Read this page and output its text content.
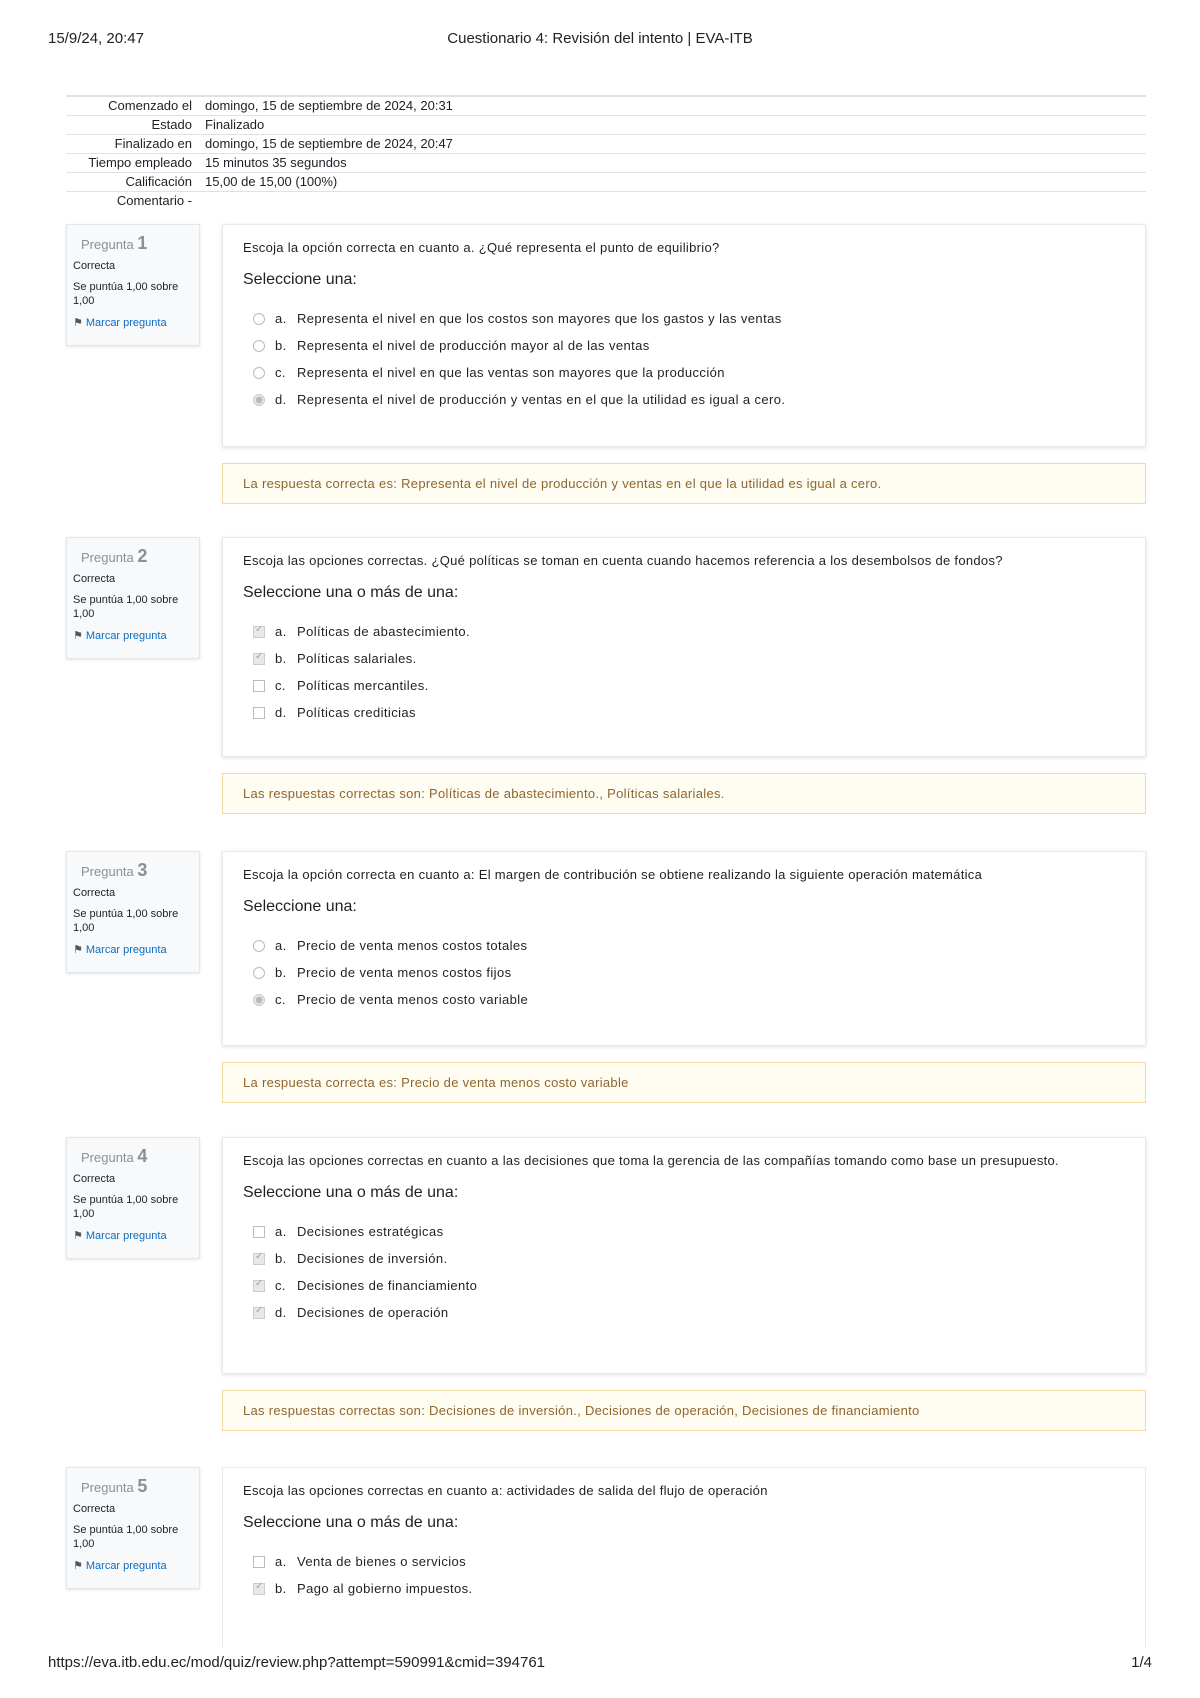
15/9/24, 20:47	Cuestionario 4: Revisión del intento | EVA-ITB
Comenzado el	domingo, 15 de septiembre de 2024, 20:31
Estado	Finalizado
Finalizado en	domingo, 15 de septiembre de 2024, 20:47
Tiempo empleado	15 minutos 35 segundos
Calificación	15,00 de 15,00 (100%)
Comentario -	
Pregunta 1
Correcta
Se puntúa 1,00 sobre 1,00
⚑ Marcar pregunta
Escoja la opción correcta en cuanto a. ¿Qué representa el punto de equilibrio?
Seleccione una:
a. Representa el nivel en que los costos son mayores que los gastos y las ventas
b. Representa el nivel de producción mayor al de las ventas
c. Representa el nivel en que las ventas son mayores que la producción
d. Representa el nivel de producción y ventas en el que la utilidad es igual a cero.
La respuesta correcta es: Representa el nivel de producción y ventas en el que la utilidad es igual a cero.
Pregunta 2
Correcta
Se puntúa 1,00 sobre 1,00
⚑ Marcar pregunta
Escoja las opciones correctas. ¿Qué políticas se toman en cuenta cuando hacemos referencia a los desembolsos de fondos?
Seleccione una o más de una:
✓
a. Políticas de abastecimiento.
✓
b. Políticas salariales.
c. Políticas mercantiles.
d. Políticas crediticias
Las respuestas correctas son: Políticas de abastecimiento., Políticas salariales.
Pregunta 3
Correcta
Se puntúa 1,00 sobre 1,00
⚑ Marcar pregunta
Escoja la opción correcta en cuanto a: El margen de contribución se obtiene realizando la siguiente operación matemática
Seleccione una:
a. Precio de venta menos costos totales
b. Precio de venta menos costos fijos
c. Precio de venta menos costo variable
La respuesta correcta es: Precio de venta menos costo variable
Pregunta 4
Correcta
Se puntúa 1,00 sobre 1,00
⚑ Marcar pregunta
Escoja las opciones correctas en cuanto a las decisiones que toma la gerencia de las compañías tomando como base un presupuesto.
Seleccione una o más de una:
a. Decisiones estratégicas
✓
b. Decisiones de inversión.
✓
c. Decisiones de financiamiento
✓
d. Decisiones de operación
Las respuestas correctas son: Decisiones de inversión., Decisiones de operación, Decisiones de financiamiento
Pregunta 5
Correcta
Se puntúa 1,00 sobre 1,00
⚑ Marcar pregunta
Escoja las opciones correctas en cuanto a: actividades de salida del flujo de operación
Seleccione una o más de una:
a. Venta de bienes o servicios
✓
b. Pago al gobierno impuestos.
https://eva.itb.edu.ec/mod/quiz/review.php?attempt=590991&cmid=394761	1/4
